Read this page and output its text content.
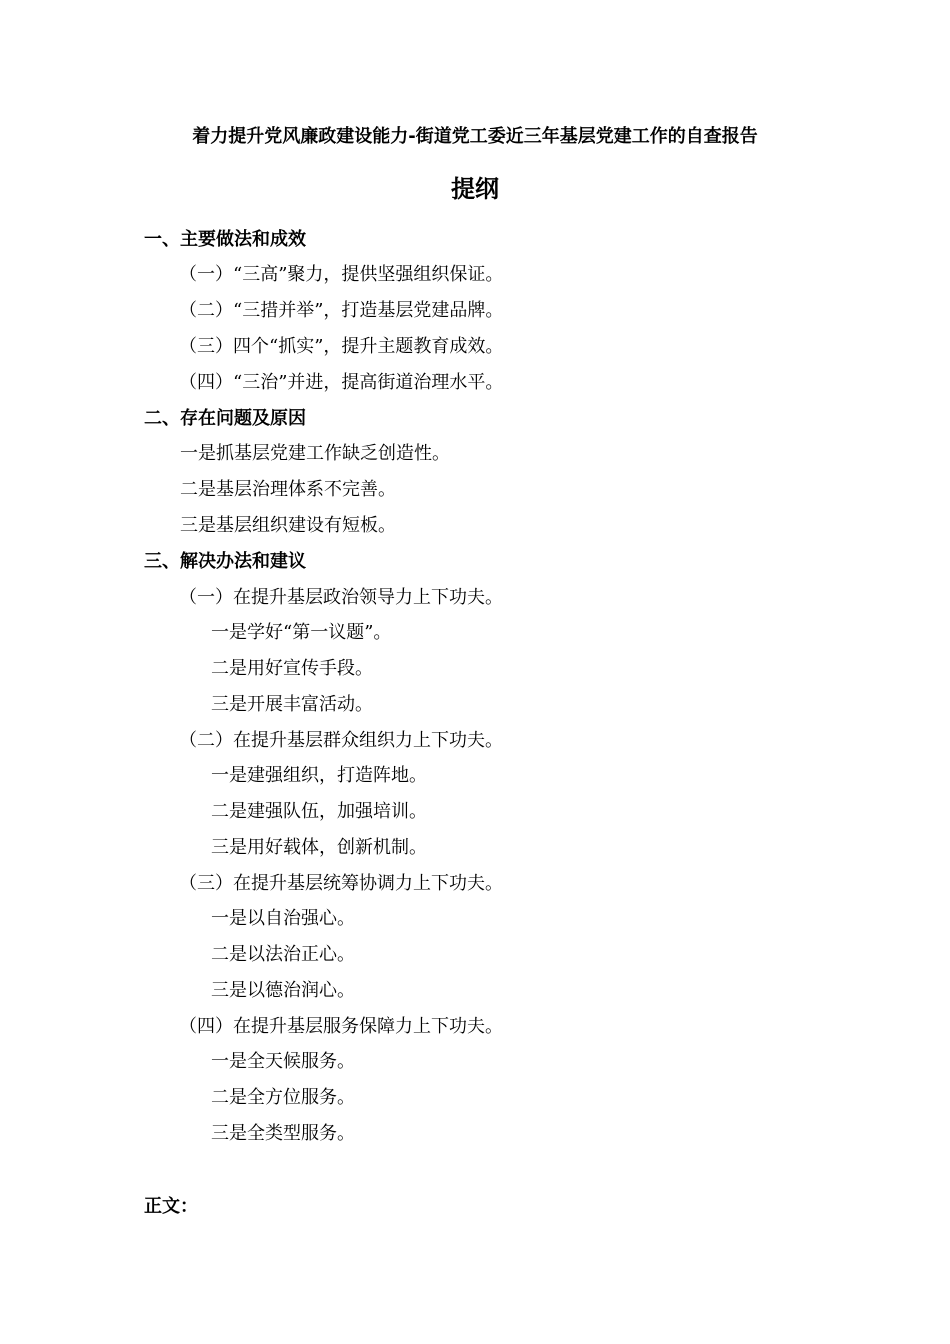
着力提升党风廉政建设能力-街道党工委近三年基层党建工作的自查报告
提纲
一、主要做法和成效
（一）“三高”聚力，提供坚强组织保证。
（二）“三措并举”，打造基层党建品牌。
（三）四个“抓实”，提升主题教育成效。
（四）“三治”并进，提高街道治理水平。
二、存在问题及原因
一是抓基层党建工作缺乏创造性。
二是基层治理体系不完善。
三是基层组织建设有短板。
三、解决办法和建议
（一）在提升基层政治领导力上下功夫。
一是学好“第一议题”。
二是用好宣传手段。
三是开展丰富活动。
（二）在提升基层群众组织力上下功夫。
一是建强组织，打造阵地。
二是建强队伍，加强培训。
三是用好载体，创新机制。
（三）在提升基层统筹协调力上下功夫。
一是以自治强心。
二是以法治正心。
三是以德治润心。
（四）在提升基层服务保障力上下功夫。
一是全天候服务。
二是全方位服务。
三是全类型服务。
正文：
